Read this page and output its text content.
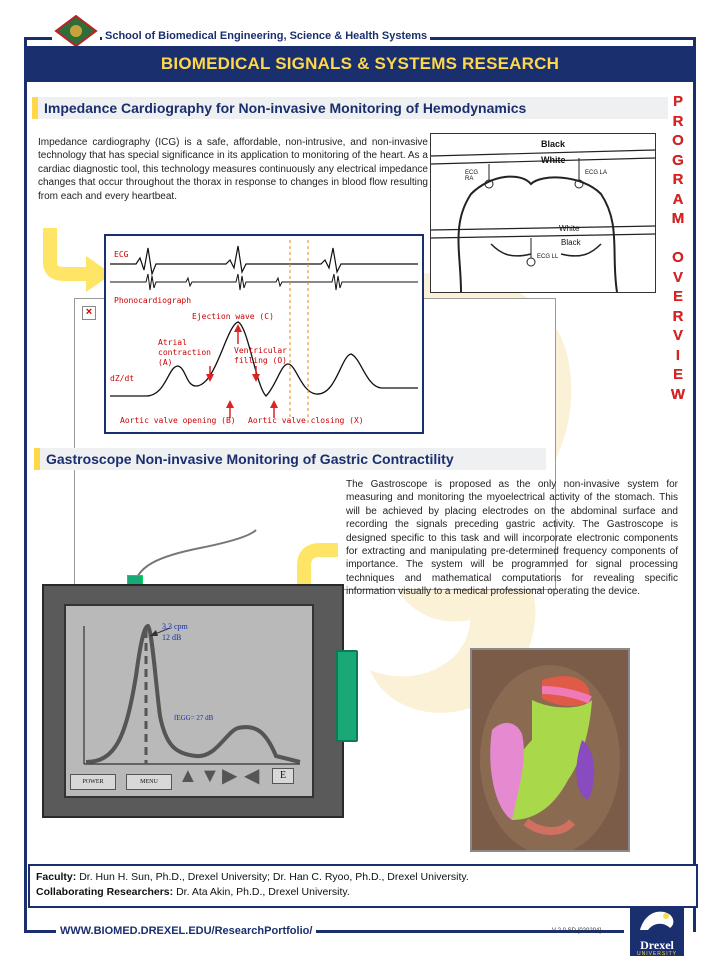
School of Biomedical Engineering, Science & Health Systems
BIOMEDICAL SIGNALS & SYSTEMS RESEARCH
P
R
O
G
R
A
M
O
V
E
R
V
I
E
W
Impedance Cardiography for Non-invasive Monitoring of Hemodynamics
Impedance cardiography (ICG) is a safe, affordable, non-intrusive, and non-invasive technology that has special significance in its application to monitoring of the heart. As a cardiac diagnostic tool, this technology measures continuously any electrical impedance changes that occur throughout the thorax in response to changes in blood flow resulting from each and every heartbeat.
Black
White
White
Black
ECG RA
ECG LA
ECG LL
×
ECG
Phonocardiograph
Ejection wave (C)
Atrial contraction (A)
Ventricular filling (O)
dZ/dt
Aortic valve opening (B) Aortic valve closing (X)
Gastroscope Non-invasive Monitoring of Gastric Contractility
The Gastroscope is proposed as the only non-invasive system for measuring and monitoring the myoelectrical activity of the stomach. This will be achieved by placing electrodes on the abdominal surface and recording the signals preceding gastric activity. The Gastroscope is designed specific to this task and will incorporate electronic components for extracting and manipulating pre-determined frequency components of importance. The system will be programmed for signal processing techniques and mathematical computations for revealing specific information visually to a medical professional operating the device.
3.3 cpm
12 dB
fEGG= 27 dB
POWER	MENU	▲ ▼ ▶ ◀	E
Faculty: Dr. Hun H. Sun, Ph.D., Drexel University; Dr. Han C. Ryoo, Ph.D., Drexel University.
Collaborating Researchers: Dr. Ata Akin, Ph.D., Drexel University.
WWW.BIOMED.DREXEL.EDU/ResearchPortfolio/	V 2.0 SD [020204]
Drexel
UNIVERSITY
